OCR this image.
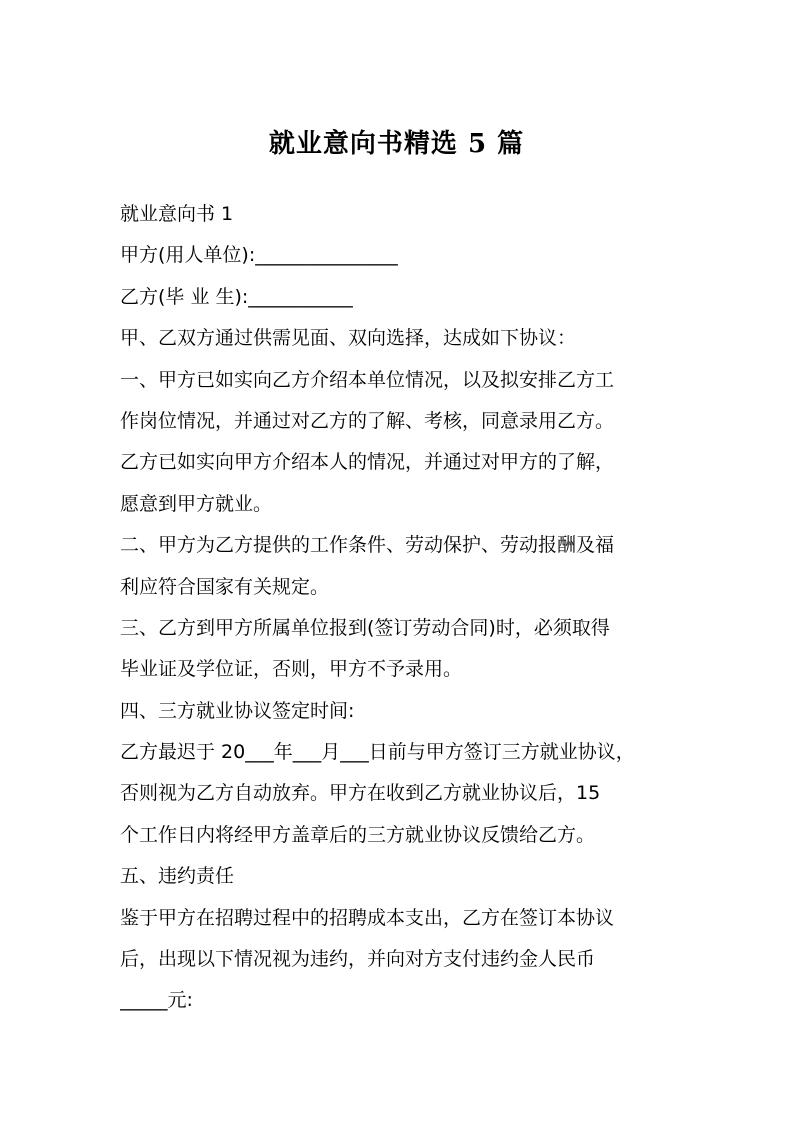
就业意向书精选 5 篇
就业意向书 1
甲方(用人单位):_______________
乙方(毕 业 生):___________
甲、乙双方通过供需见面、双向选择，达成如下协议：
一、甲方已如实向乙方介绍本单位情况，以及拟安排乙方工
作岗位情况，并通过对乙方的了解、考核，同意录用乙方。
乙方已如实向甲方介绍本人的情况，并通过对甲方的了解，
愿意到甲方就业。
二、甲方为乙方提供的工作条件、劳动保护、劳动报酬及福
利应符合国家有关规定。
三、乙方到甲方所属单位报到(签订劳动合同)时，必须取得
毕业证及学位证，否则，甲方不予录用。
四、三方就业协议签定时间:
乙方最迟于 20___年___月___日前与甲方签订三方就业协议，
否则视为乙方自动放弃。甲方在收到乙方就业协议后，15
个工作日内将经甲方盖章后的三方就业协议反馈给乙方。
五、违约责任
鉴于甲方在招聘过程中的招聘成本支出，乙方在签订本协议
后，出现以下情况视为违约，并向对方支付违约金人民币
_____元:
